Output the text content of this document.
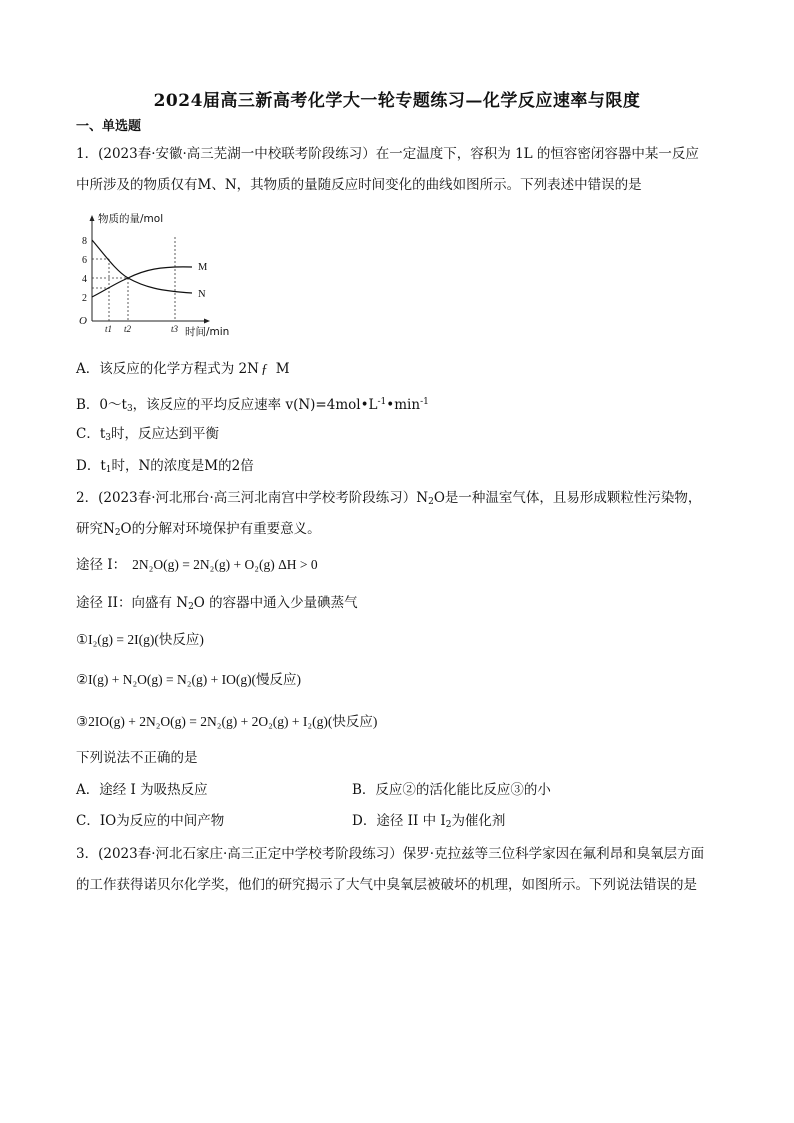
2024届高三新高考化学大一轮专题练习—化学反应速率与限度
一、单选题
1．(2023春·安徽·高三芜湖一中校联考阶段练习）在一定温度下，容积为 1L 的恒容密闭容器中某一反应
中所涉及的物质仅有M、N，其物质的量随反应时间变化的曲线如图所示。下列表述中错误的是
物质的量/mol
时间/min
O
8
6
4
2
M
N
t1 t2	t3
A．该反应的化学方程式为 2N ƒ M
B．$0\sim t_3$，该反应的平均反应速率 $v(N)=4mol•L^{-1}•\min^{-1}$
C．$t_3$时，反应达到平衡
D．$t_1$时，N的浓度是M的2倍
2．(2023春·河北邢台·高三河北南宫中学校考阶段练习）$N_2O$是一种温室气体，且易形成颗粒性污染物，
研究$N_2O$的分解对环境保护有重要意义。
途径 I： 2N₂O(g) = 2N₂(g) + O₂(g) ΔH > 0
途径 II：向盛有 $N_2O$ 的容器中通入少量碘蒸气
①I₂(g) = 2I(g)(快反应)
②I(g) + N₂O(g) = N₂(g) + IO(g)(慢反应)
③2IO(g) + 2N₂O(g) = 2N₂(g) + 2O₂(g) + I₂(g)(快反应)
下列说法不正确的是
A．途经 I 为吸热反应	B．反应②的活化能比反应③的小
C．IO为反应的中间产物	D．途径 II 中 $I_2$为催化剂
3．(2023春·河北石家庄·高三正定中学校考阶段练习）保罗·克拉兹等三位科学家因在氟利昂和臭氧层方面
的工作获得诺贝尔化学奖，他们的研究揭示了大气中臭氧层被破坏的机理，如图所示。下列说法错误的是
